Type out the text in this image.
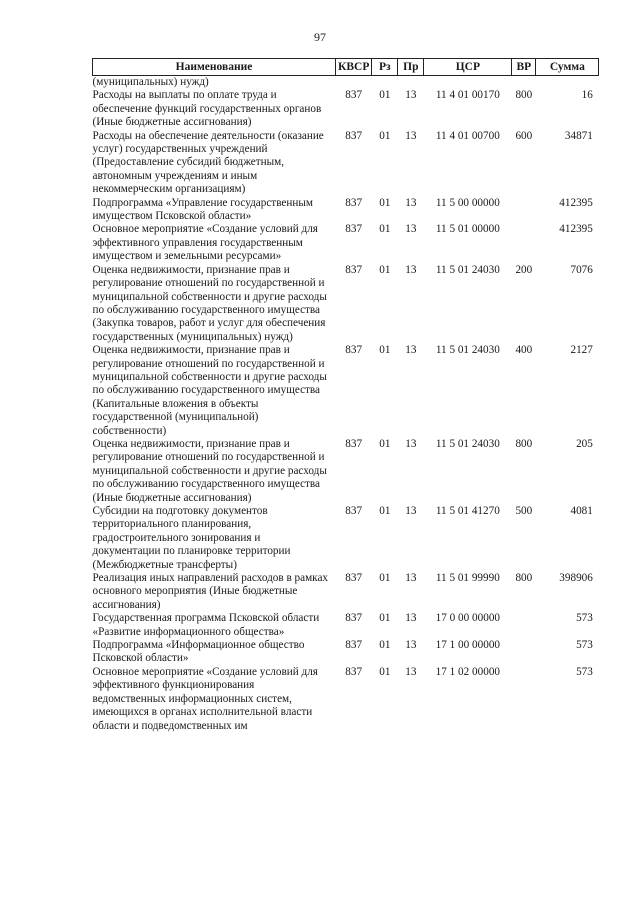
97
Наименование	КВСР	Рз	Пр	ЦСР	ВР	Сумма
(муниципальных) нужд)						
Расходы на выплаты по оплате труда и обеспечение функций государственных органов (Иные бюджетные ассигнования)	837	01	13	11 4 01 00170	800	16
Расходы на обеспечение деятельности (оказание услуг) государственных учреждений (Предоставление субсидий бюджетным, автономным учреждениям и иным некоммерческим организациям)	837	01	13	11 4 01 00700	600	34871
Подпрограмма «Управление государственным имуществом Псковской области»	837	01	13	11 5 00 00000		412395
Основное мероприятие «Создание условий для эффективного управления государственным имуществом и земельными ресурсами»	837	01	13	11 5 01 00000		412395
Оценка недвижимости, признание прав и регулирование отношений по государственной и муниципальной собственности и другие расходы по обслуживанию государственного имущества (Закупка товаров, работ и услуг для обеспечения государственных (муниципальных) нужд)	837	01	13	11 5 01 24030	200	7076
Оценка недвижимости, признание прав и регулирование отношений по государственной и муниципальной собственности и другие расходы по обслуживанию государственного имущества (Капитальные вложения в объекты государственной (муниципальной) собственности)	837	01	13	11 5 01 24030	400	2127
Оценка недвижимости, признание прав и регулирование отношений по государственной и муниципальной собственности и другие расходы по обслуживанию государственного имущества (Иные бюджетные ассигнования)	837	01	13	11 5 01 24030	800	205
Субсидии на подготовку документов территориального планирования, градостроительного зонирования и документации по планировке территории (Межбюджетные трансферты)	837	01	13	11 5 01 41270	500	4081
Реализация иных направлений расходов в рамках основного мероприятия (Иные бюджетные ассигнования)	837	01	13	11 5 01 99990	800	398906
Государственная программа Псковской области «Развитие информационного общества»	837	01	13	17 0 00 00000		573
Подпрограмма «Информационное общество Псковской области»	837	01	13	17 1 00 00000		573
Основное мероприятие «Создание условий для эффективного функционирования ведомственных информационных систем, имеющихся в органах исполнительной власти области и подведомственных им	837	01	13	17 1 02 00000		573
